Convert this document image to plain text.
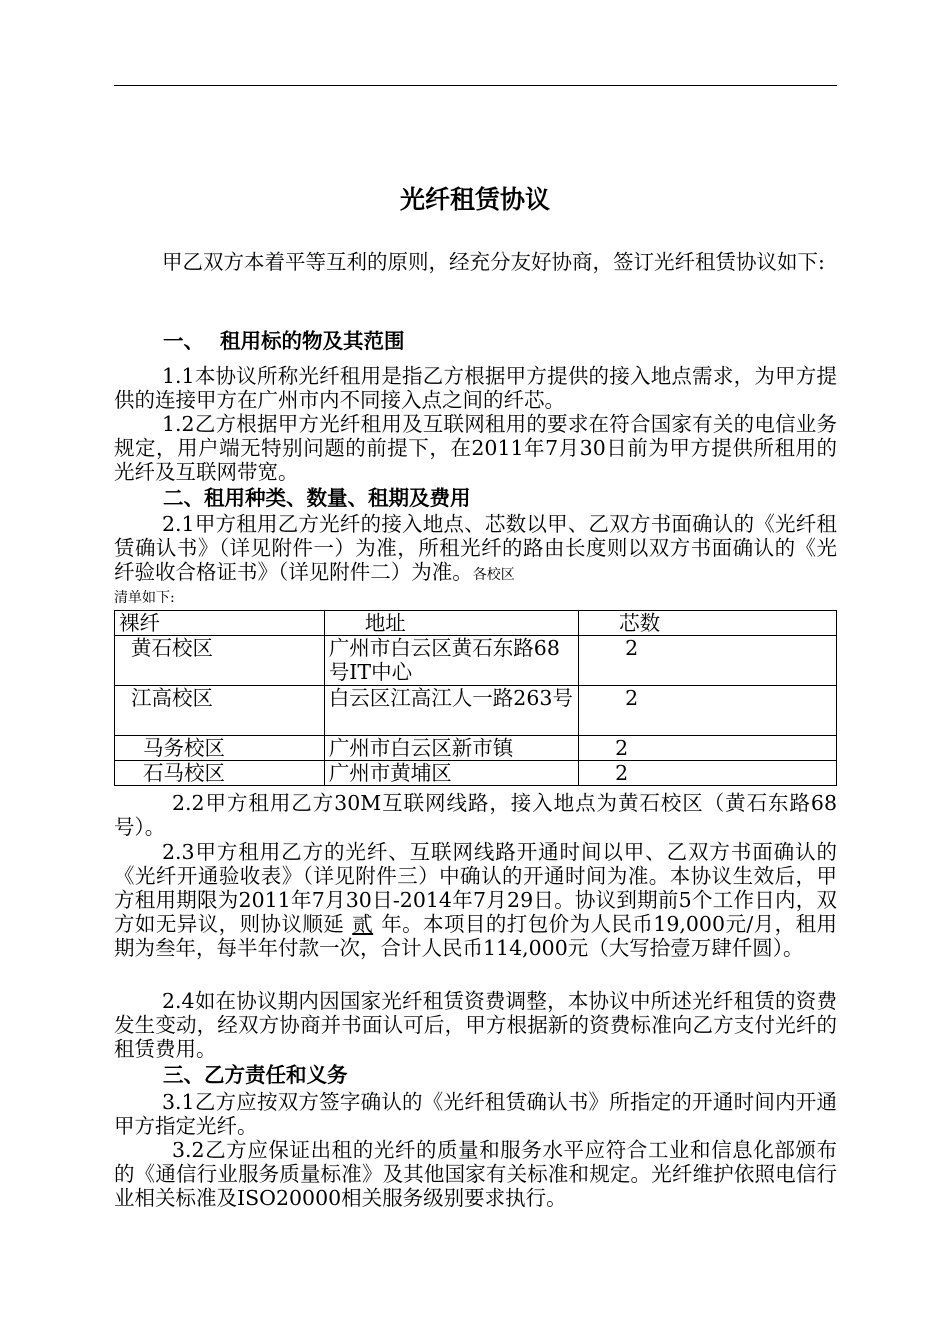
光纤租赁协议
甲乙双方本着平等互利的原则，经充分友好协商，签订光纤租赁协议如下:
一、 租用标的物及其范围
1.1本协议所称光纤租用是指乙方根据甲方提供的接入地点需求，为甲方提供的连接甲方在广州市内不同接入点之间的纤芯。
1.2乙方根据甲方光纤租用及互联网租用的要求在符合国家有关的电信业务规定，用户端无特别问题的前提下，在2011年7月30日前为甲方提供所租用的光纤及互联网带宽。
二、租用种类、数量、租期及费用
2.1甲方租用乙方光纤的接入地点、芯数以甲、乙双方书面确认的《光纤租赁确认书》（详见附件一）为准，所租光纤的路由长度则以双方书面确认的《光纤验收合格证书》（详见附件二）为准。各校区
清单如下:
裸纤	地址	芯数
黄石校区	广州市白云区黄石东路68号IT中心	2
江高校区	白云区江高江人一路263号	2
马务校区	广州市白云区新市镇	2
石马校区	广州市黄埔区	2
2.2甲方租用乙方30M互联网线路，接入地点为黄石校区（黄石东路68号）。
2.3甲方租用乙方的光纤、互联网线路开通时间以甲、乙双方书面确认的《光纤开通验收表》（详见附件三）中确认的开通时间为准。本协议生效后，甲方租用期限为2011年7月30日-2014年7月29日。协议到期前5个工作日内，双方如无异议，则协议顺延 贰 年。本项目的打包价为人民币19,000元/月，租用期为叁年，每半年付款一次，合计人民币114,000元（大写拾壹万肆仟圆）。
2.4如在协议期内因国家光纤租赁资费调整，本协议中所述光纤租赁的资费发生变动，经双方协商并书面认可后，甲方根据新的资费标准向乙方支付光纤的租赁费用。
三、乙方责任和义务
3.1乙方应按双方签字确认的《光纤租赁确认书》所指定的开通时间内开通甲方指定光纤。
3.2乙方应保证出租的光纤的质量和服务水平应符合工业和信息化部颁布的《通信行业服务质量标准》及其他国家有关标准和规定。光纤维护依照电信行业相关标准及ISO20000相关服务级别要求执行。
